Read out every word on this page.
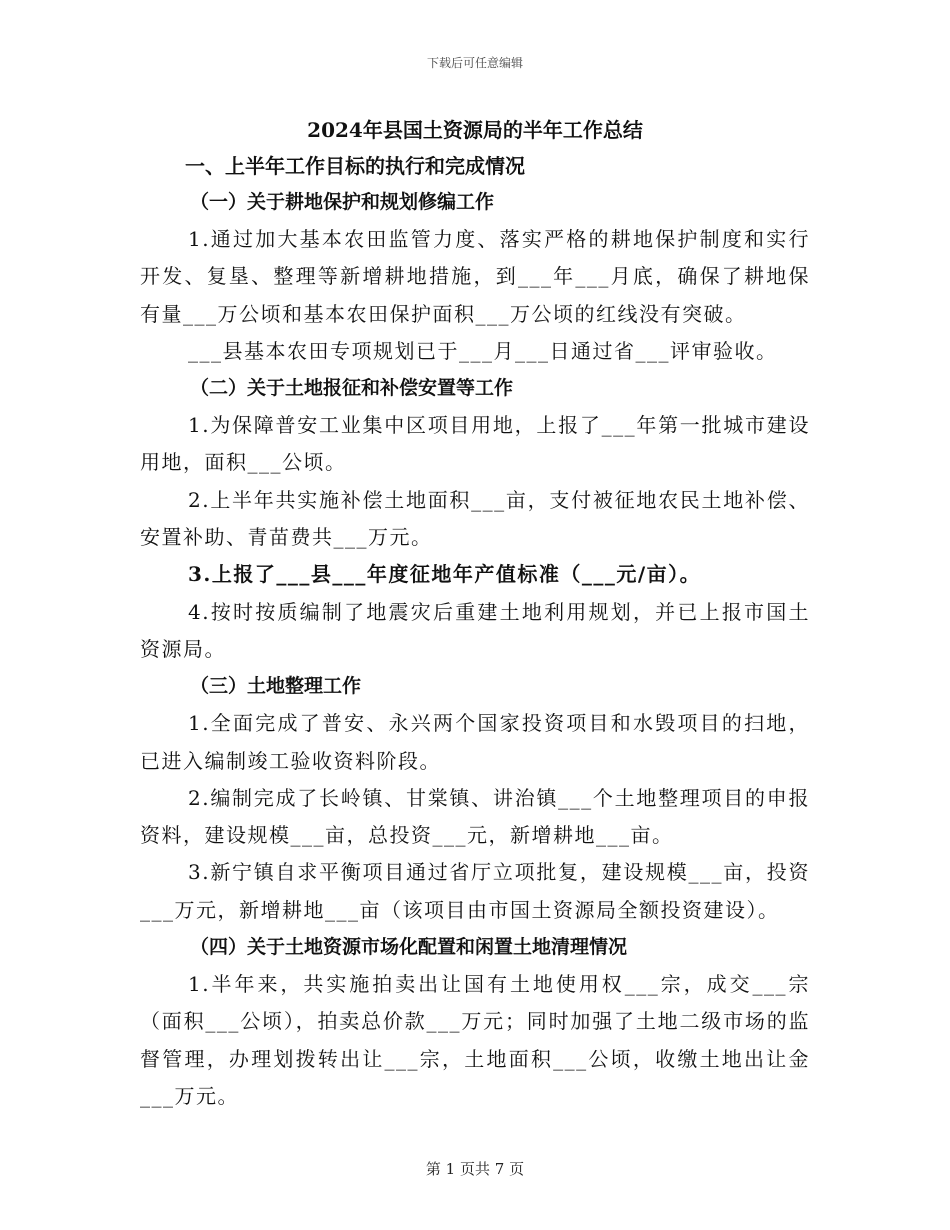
下载后可任意编辑
2024年县国土资源局的半年工作总结
一、上半年工作目标的执行和完成情况
（一）关于耕地保护和规划修编工作

1.通过加大基本农田监管力度、落实严格的耕地保护制度和实行开发、复垦、整理等新增耕地措施，到___年___月底，确保了耕地保有量___万公顷和基本农田保护面积___万公顷的红线没有突破。

___县基本农田专项规划已于___月___日通过省___评审验收。

（二）关于土地报征和补偿安置等工作

1.为保障普安工业集中区项目用地，上报了___年第一批城市建设用地，面积___公顷。

2.上半年共实施补偿土地面积___亩，支付被征地农民土地补偿、安置补助、青苗费共___万元。

3.上报了___县___年度征地年产值标准（___元/亩）。

4.按时按质编制了地震灾后重建土地利用规划，并已上报市国土资源局。

（三）土地整理工作

1.全面完成了普安、永兴两个国家投资项目和水毁项目的扫地，已进入编制竣工验收资料阶段。

2.编制完成了长岭镇、甘棠镇、讲治镇___个土地整理项目的申报资料，建设规模___亩，总投资___元，新增耕地___亩。

3.新宁镇自求平衡项目通过省厅立项批复，建设规模___亩，投资___万元，新增耕地___亩（该项目由市国土资源局全额投资建设）。

（四）关于土地资源市场化配置和闲置土地清理情况

1.半年来，共实施拍卖出让国有土地使用权___宗，成交___宗（面积___公顷），拍卖总价款___万元；同时加强了土地二级市场的监督管理，办理划拨转出让___宗，土地面积___公顷，收缴土地出让金___万元。

第 1 页共 7 页
